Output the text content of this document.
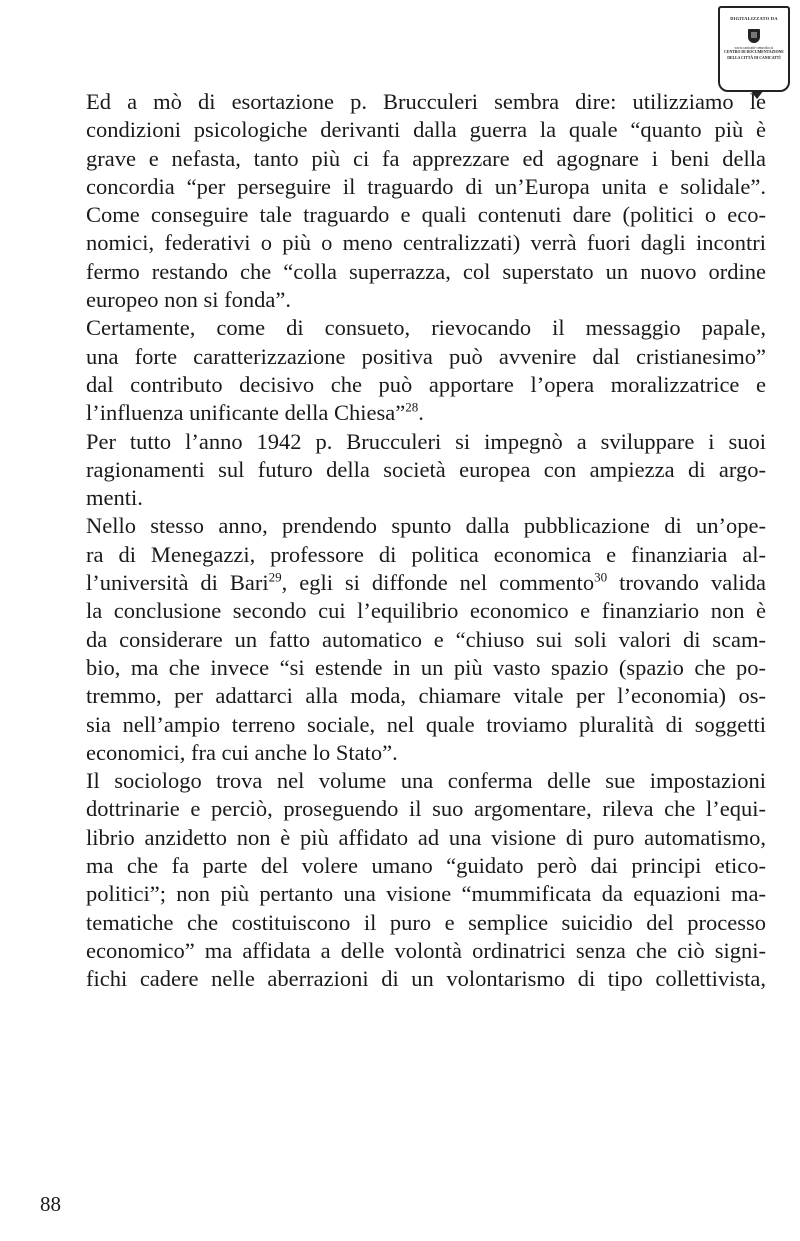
DIGITALIZZATO DA
www.canicatti-centrodoc.it
CENTRO DI DOCUMENTAZIONE
DELLA CITTÀ DI CANICATTÌ

Ed a mò di esortazione p. Brucculeri sembra dire: utilizziamo le
condizioni psicologiche derivanti dalla guerra la quale “quanto più è
grave e nefasta, tanto più ci fa apprezzare ed agognare i beni della
concordia “per perseguire il traguardo di un’Europa unita e solidale”.
Come conseguire tale traguardo e quali contenuti dare (politici o eco-
nomici, federativi o più o meno centralizzati) verrà fuori dagli incontri
fermo restando che “colla superrazza, col superstato un nuovo ordine
europeo non si fonda”.

Certamente, come di consueto, rievocando il messaggio papale,
una forte caratterizzazione positiva può avvenire dal cristianesimo”
dal contributo decisivo che può apportare l’opera moralizzatrice e
l’influenza unificante della Chiesa”$^{28}$.

Per tutto l’anno 1942 p. Brucculeri si impegnò a sviluppare i suoi
ragionamenti sul futuro della società europea con ampiezza di argo-
menti.

Nello stesso anno, prendendo spunto dalla pubblicazione di un’ope-
ra di Menegazzi, professore di politica economica e finanziaria al-
l’università di Bari$^{29}$, egli si diffonde nel commento$^{30}$ trovando valida
la conclusione secondo cui l’equilibrio economico e finanziario non è
da considerare un fatto automatico e “chiuso sui soli valori di scam-
bio, ma che invece “si estende in un più vasto spazio (spazio che po-
tremmo, per adattarci alla moda, chiamare vitale per l’economia) os-
sia nell’ampio terreno sociale, nel quale troviamo pluralità di soggetti
economici, fra cui anche lo Stato”.

Il sociologo trova nel volume una conferma delle sue impostazioni
dottrinarie e perciò, proseguendo il suo argomentare, rileva che l’equi-
librio anzidetto non è più affidato ad una visione di puro automatismo,
ma che fa parte del volere umano “guidato però dai principi etico-
politici”; non più pertanto una visione “mummificata da equazioni ma-
tematiche che costituiscono il puro e semplice suicidio del processo
economico” ma affidata a delle volontà ordinatrici senza che ciò signi-
fichi cadere nelle aberrazioni di un volontarismo di tipo collettivista,

88
